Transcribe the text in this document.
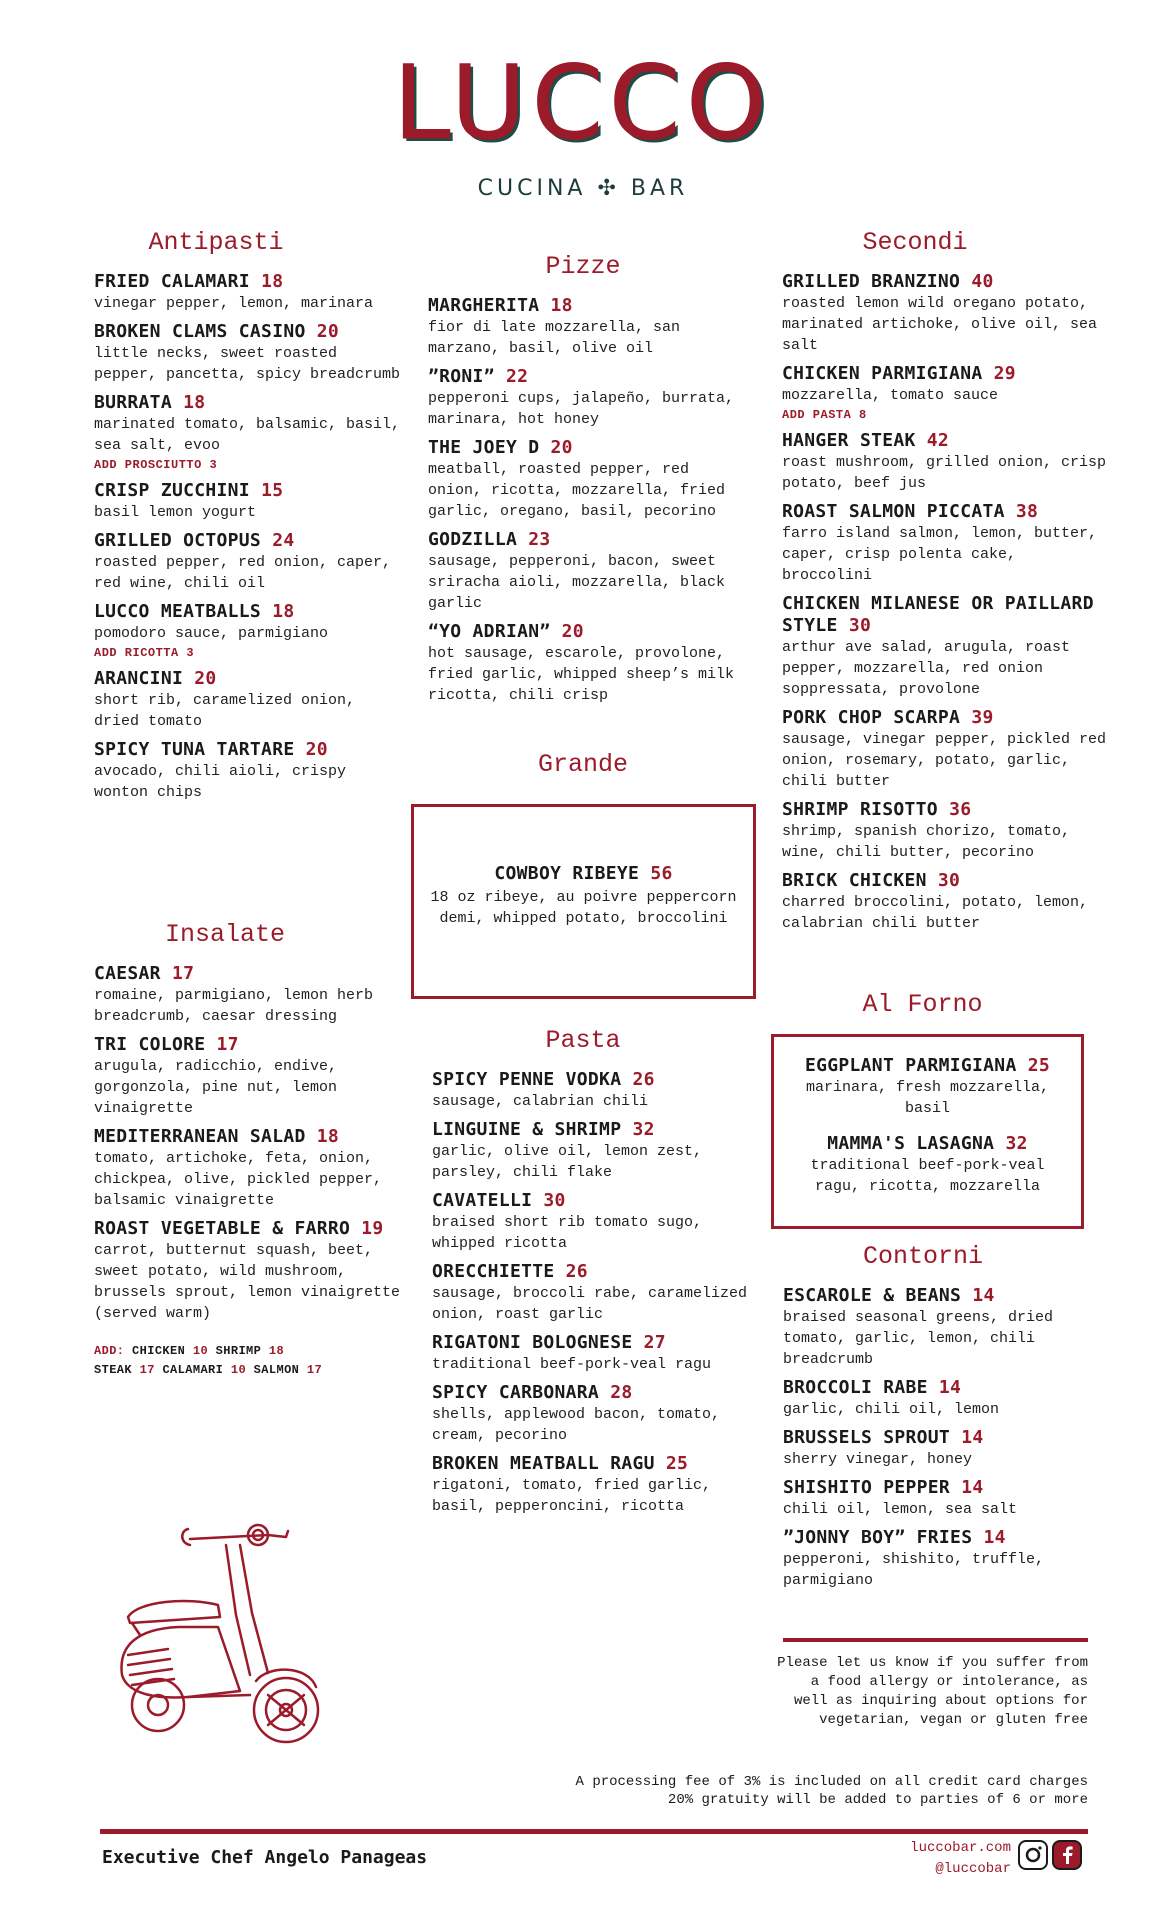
LUCCO
CUCINA ✣ BAR
Antipasti
FRIED CALAMARI 18
vinegar pepper, lemon, marinara
BROKEN CLAMS CASINO 20
little necks, sweet roasted pepper, pancetta, spicy breadcrumb
BURRATA 18
marinated tomato, balsamic, basil, sea salt, evoo
ADD PROSCIUTTO 3
CRISP ZUCCHINI 15
basil lemon yogurt
GRILLED OCTOPUS 24
roasted pepper, red onion, caper, red wine, chili oil
LUCCO MEATBALLS 18
pomodoro sauce, parmigiano
ADD RICOTTA 3
ARANCINI 20
short rib, caramelized onion, dried tomato
SPICY TUNA TARTARE 20
avocado, chili aioli, crispy wonton chips
Insalate
CAESAR 17
romaine, parmigiano, lemon herb breadcrumb, caesar dressing
TRI COLORE 17
arugula, radicchio, endive, gorgonzola, pine nut, lemon vinaigrette
MEDITERRANEAN SALAD 18
tomato, artichoke, feta, onion, chickpea, olive, pickled pepper, balsamic vinaigrette
ROAST VEGETABLE & FARRO 19
carrot, butternut squash, beet, sweet potato, wild mushroom, brussels sprout, lemon vinaigrette
(served warm)
ADD: CHICKEN 10 SHRIMP 18
STEAK 17 CALAMARI 10 SALMON 17
Pizze
MARGHERITA 18
fior di late mozzarella, san marzano, basil, olive oil
”RONI” 22
pepperoni cups, jalapeño, burrata, marinara, hot honey
THE JOEY D 20
meatball, roasted pepper, red onion, ricotta, mozzarella, fried garlic, oregano, basil, pecorino
GODZILLA 23
sausage, pepperoni, bacon, sweet sriracha aioli, mozzarella, black garlic
“YO ADRIAN” 20
hot sausage, escarole, provolone, fried garlic, whipped sheep’s milk ricotta, chili crisp
Grande
COWBOY RIBEYE 56
18 oz ribeye, au poivre peppercorn demi, whipped potato, broccolini
Pasta
SPICY PENNE VODKA 26
sausage, calabrian chili
LINGUINE & SHRIMP 32
garlic, olive oil, lemon zest, parsley, chili flake
CAVATELLI 30
braised short rib tomato sugo, whipped ricotta
ORECCHIETTE 26
sausage, broccoli rabe, caramelized onion, roast garlic
RIGATONI BOLOGNESE 27
traditional beef-pork-veal ragu
SPICY CARBONARA 28
shells, applewood bacon, tomato, cream, pecorino
BROKEN MEATBALL RAGU 25
rigatoni, tomato, fried garlic, basil, pepperoncini, ricotta
Secondi
GRILLED BRANZINO 40
roasted lemon wild oregano potato, marinated artichoke, olive oil, sea salt
CHICKEN PARMIGIANA 29
mozzarella, tomato sauce
ADD PASTA 8
HANGER STEAK 42
roast mushroom, grilled onion, crisp potato, beef jus
ROAST SALMON PICCATA 38
farro island salmon, lemon, butter, caper, crisp polenta cake, broccolini
CHICKEN MILANESE OR PAILLARD STYLE 30
arthur ave salad, arugula, roast pepper, mozzarella, red onion soppressata, provolone
PORK CHOP SCARPA 39
sausage, vinegar pepper, pickled red onion, rosemary, potato, garlic, chili butter
SHRIMP RISOTTO 36
shrimp, spanish chorizo, tomato, wine, chili butter, pecorino
BRICK CHICKEN 30
charred broccolini, potato, lemon, calabrian chili butter
Al Forno
EGGPLANT PARMIGIANA 25
marinara, fresh mozzarella, basil
MAMMA'S LASAGNA 32
traditional beef-pork-veal ragu, ricotta, mozzarella
Contorni
ESCAROLE & BEANS 14
braised seasonal greens, dried tomato, garlic, lemon, chili breadcrumb
BROCCOLI RABE 14
garlic, chili oil, lemon
BRUSSELS SPROUT 14
sherry vinegar, honey
SHISHITO PEPPER 14
chili oil, lemon, sea salt
”JONNY BOY” FRIES 14
pepperoni, shishito, truffle, parmigiano
Please let us know if you suffer from a food allergy or intolerance, as well as inquiring about options for vegetarian, vegan or gluten free
A processing fee of 3% is included on all credit card charges
20% gratuity will be added to parties of 6 or more
Executive Chef Angelo Panageas	luccobar.com
@luccobar
